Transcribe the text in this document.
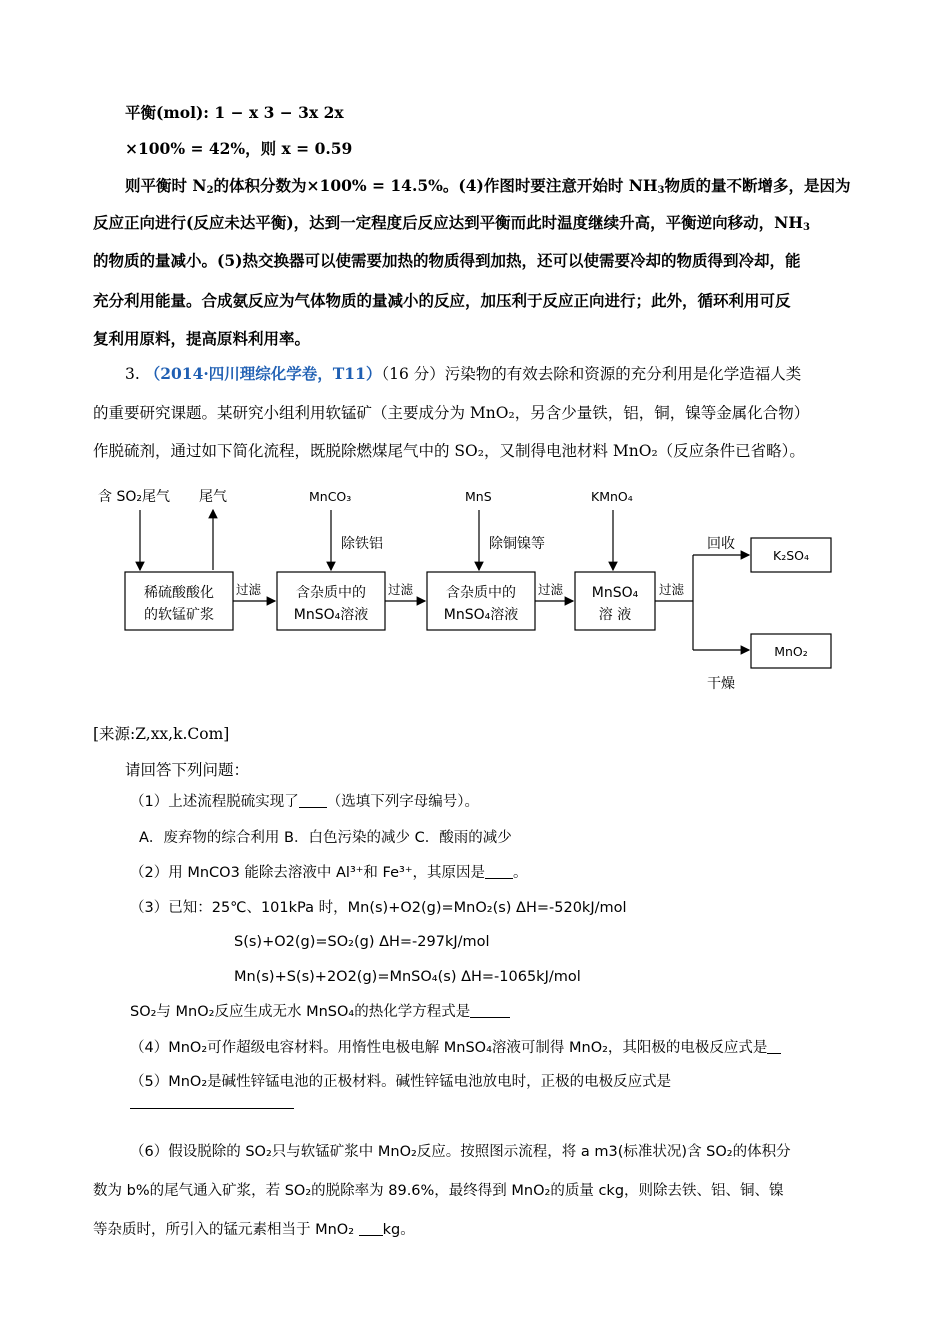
平衡(mol): 1 − x 3 − 3x 2x
×100% = 42%，则 x = 0.59
则平衡时 $N_2$的体积分数为×100% = 14.5%。(4)作图时要注意开始时 $NH_3$物质的量不断增多，是因为
反应正向进行(反应未达平衡)，达到一定程度后反应达到平衡而此时温度继续升高，平衡逆向移动，$NH_3$
的物质的量减小。(5)热交换器可以使需要加热的物质得到加热，还可以使需要冷却的物质得到冷却，能
充分利用能量。合成氨反应为气体物质的量减小的反应，加压利于反应正向进行；此外，循环利用可反
复利用原料，提高原料利用率。
3. （2014·四川理综化学卷，T11）（16 分）污染物的有效去除和资源的充分利用是化学造福人类
的重要研究课题。某研究小组利用软锰矿（主要成分为 MnO₂，另含少量铁，铝，铜，镍等金属化合物）
作脱硫剂，通过如下简化流程，既脱除燃煤尾气中的 SO₂，又制得电池材料 MnO₂（反应条件已省略）。
含 SO₂尾气 尾气	MnCO₃
除铁铝
MnS
除铜镍等
KMnO₄
稀硫酸酸化
的软锰矿浆
含杂质中的
MnSO₄溶液
含杂质中的
MnSO₄溶液
MnSO₄
溶 液
过滤	过滤	过滤	过滤
回收
K₂SO₄
MnO₂
干燥
[来源:Z,xx,k.Com]
请回答下列问题：
（1）上述流程脱硫实现了 （选填下列字母编号）。
A．废弃物的综合利用 B．白色污染的减少 C．酸雨的减少
（2）用 MnCO3 能除去溶液中 Al³⁺和 Fe³⁺，其原因是 。
（3）已知：25℃、101kPa 时，Mn(s)+O2(g)=MnO₂(s) ΔH=-520kJ/mol
S(s)+O2(g)=SO₂(g) ΔH=-297kJ/mol
Mn(s)+S(s)+2O2(g)=MnSO₄(s) ΔH=-1065kJ/mol
SO₂与 MnO₂反应生成无水 MnSO₄的热化学方程式是
（4）MnO₂可作超级电容材料。用惰性电极电解 MnSO₄溶液可制得 MnO₂，其阳极的电极反应式是
（5）MnO₂是碱性锌锰电池的正极材料。碱性锌锰电池放电时，正极的电极反应式是
（6）假设脱除的 SO₂只与软锰矿浆中 MnO₂反应。按照图示流程，将 a m3(标准状况)含 SO₂的体积分
数为 b%的尾气通入矿浆，若 SO₂的脱除率为 89.6%，最终得到 MnO₂的质量 ckg，则除去铁、铝、铜、镍
等杂质时，所引入的锰元素相当于 MnO₂ kg。
